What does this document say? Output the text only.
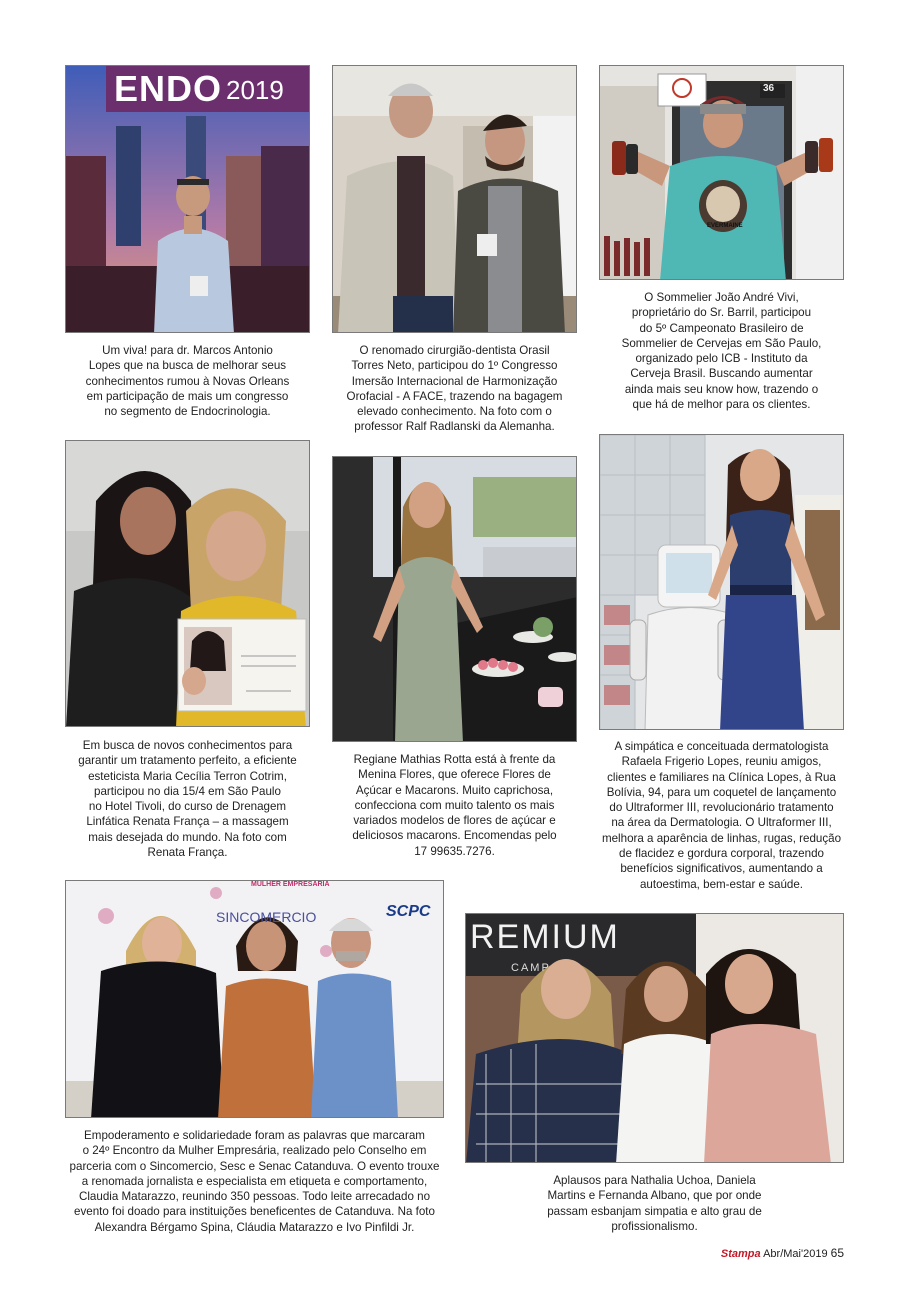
ENDO 2019	36
EVERMAINE
Um viva! para dr. Marcos Antonio
Lopes que na busca de melhorar seus
conhecimentos rumou à Novas Orleans
em participação de mais um congresso
no segmento de Endocrinologia.
O renomado cirurgião-dentista Orasil
Torres Neto, participou do 1º Congresso
Imersão Internacional de Harmonização
Orofacial - A FACE, trazendo na bagagem
elevado conhecimento. Na foto com o
professor Ralf Radlanski da Alemanha.
O Sommelier João André Vivi,
proprietário do Sr. Barril, participou
do 5º Campeonato Brasileiro de
Sommelier de Cervejas em São Paulo,
organizado pelo ICB - Instituto da
Cerveja Brasil. Buscando aumentar
ainda mais seu know how, trazendo o
que há de melhor para os clientes.
Em busca de novos conhecimentos para
garantir um tratamento perfeito, a eficiente
esteticista Maria Cecília Terron Cotrim,
participou no dia 15/4 em São Paulo
no Hotel Tivoli, do curso de Drenagem
Linfática Renata França – a massagem
mais desejada do mundo. Na foto com
Renata França.
Regiane Mathias Rotta está à frente da
Menina Flores, que oferece Flores de
Açúcar e Macarons. Muito caprichosa,
confecciona com muito talento os mais
variados modelos de flores de açúcar e
deliciosos macarons. Encomendas pelo
17 99635.7276.
A simpática e conceituada dermatologista
Rafaela Frigerio Lopes, reuniu amigos,
clientes e familiares na Clínica Lopes, à Rua
Bolívia, 94, para um coquetel de lançamento
do Ultraformer III, revolucionário tratamento
na área da Dermatologia. O Ultraformer III,
melhora a aparência de linhas, rugas, redução
de flacidez e gordura corporal, trazendo
benefícios significativos, aumentando a
autoestima, bem-estar e saúde.
MULHER EMPRESÁRIA
SINCOMERCIO	SCPC
REMIUM
CAMP
Empoderamento e solidariedade foram as palavras que marcaram
o 24º Encontro da Mulher Empresária, realizado pelo Conselho em
parceria com o Sincomercio, Sesc e Senac Catanduva. O evento trouxe
a renomada jornalista e especialista em etiqueta e comportamento,
Claudia Matarazzo, reunindo 350 pessoas. Todo leite arrecadado no
evento foi doado para instituições beneficentes de Catanduva. Na foto
Alexandra Bérgamo Spina, Cláudia Matarazzo e Ivo Pinfildi Jr.
Aplausos para Nathalia Uchoa, Daniela
Martins e Fernanda Albano, que por onde
passam esbanjam simpatia e alto grau de
profissionalismo.
Stampa Abr/Mai'2019 65
